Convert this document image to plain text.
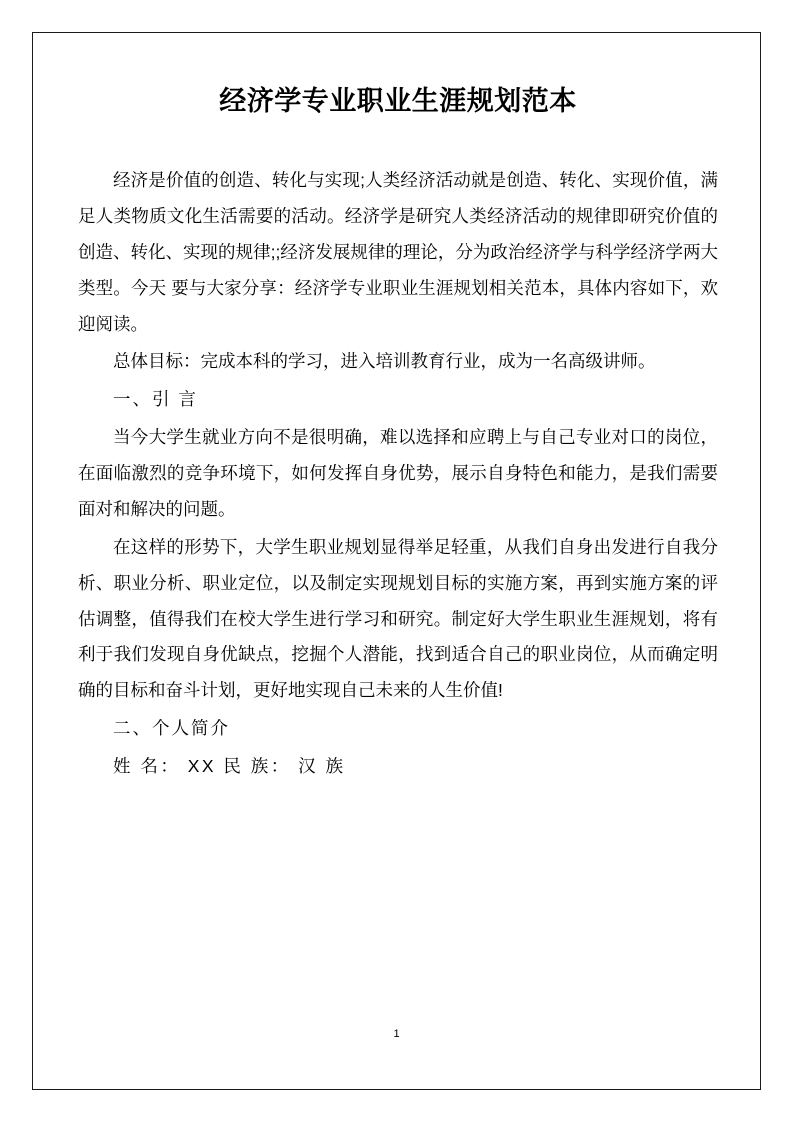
经济学专业职业生涯规划范本

经济是价值的创造、转化与实现;人类经济活动就是创造、转化、实现价值，满足人类物质文化生活需要的活动。经济学是研究人类经济活动的规律即研究价值的创造、转化、实现的规律;;经济发展规律的理论，分为政治经济学与科学经济学两大类型。今天 要与大家分享：经济学专业职业生涯规划相关范本，具体内容如下，欢迎阅读。

总体目标：完成本科的学习，进入培训教育行业，成为一名高级讲师。

一、引 言

当今大学生就业方向不是很明确，难以选择和应聘上与自己专业对口的岗位，在面临激烈的竞争环境下，如何发挥自身优势，展示自身特色和能力，是我们需要面对和解决的问题。

在这样的形势下，大学生职业规划显得举足轻重，从我们自身出发进行自我分析、职业分析、职业定位，以及制定实现规划目标的实施方案，再到实施方案的评估调整，值得我们在校大学生进行学习和研究。制定好大学生职业生涯规划，将有利于我们发现自身优缺点，挖掘个人潜能，找到适合自己的职业岗位，从而确定明确的目标和奋斗计划，更好地实现自己未来的人生价值!

二、个人简介

姓 名： XX 民 族： 汉 族

1
